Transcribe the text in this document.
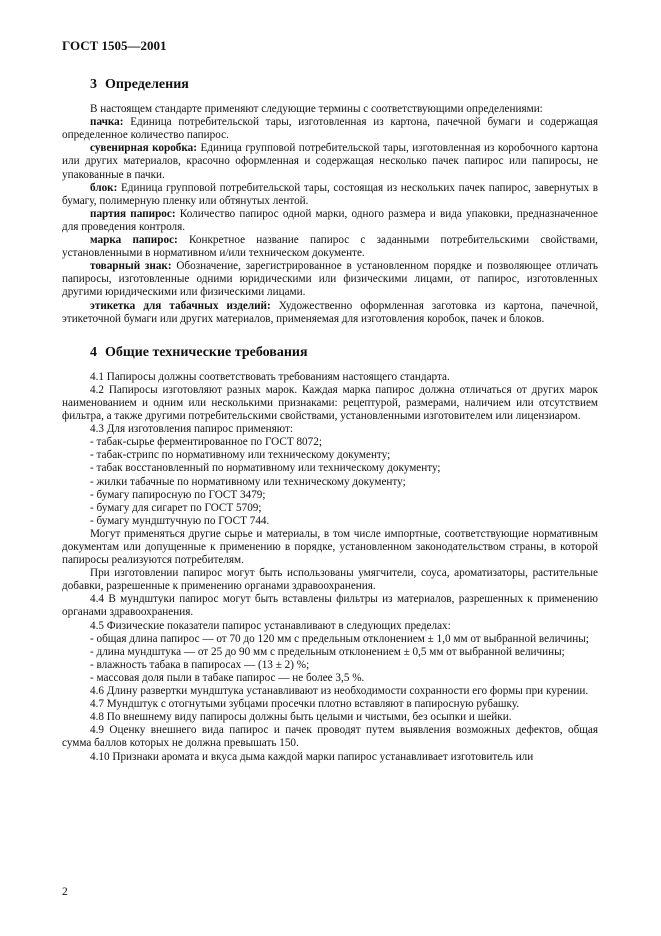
ГОСТ 1505—2001
3 Определения

В настоящем стандарте применяют следующие термины с соответствующими определениями:

пачка: Единица потребительской тары, изготовленная из картона, пачечной бумаги и содержащая определенное количество папирос.

сувенирная коробка: Единица групповой потребительской тары, изготовленная из коробочного картона или других материалов, красочно оформленная и содержащая несколько пачек папирос или папиросы, не упакованные в пачки.

блок: Единица групповой потребительской тары, состоящая из нескольких пачек папирос, завернутых в бумагу, полимерную пленку или обтянутых лентой.

партия папирос: Количество папирос одной марки, одного размера и вида упаковки, предназначенное для проведения контроля.

марка папирос: Конкретное название папирос с заданными потребительскими свойствами, установленными в нормативном и/или техническом документе.

товарный знак: Обозначение, зарегистрированное в установленном порядке и позволяющее отличать папиросы, изготовленные одними юридическими или физическими лицами, от папирос, изготовленных другими юридическими или физическими лицами.

этикетка для табачных изделий: Художественно оформленная заготовка из картона, пачечной, этикеточной бумаги или других материалов, применяемая для изготовления коробок, пачек и блоков.

4 Общие технические требования

4.1 Папиросы должны соответствовать требованиям настоящего стандарта.

4.2 Папиросы изготовляют разных марок. Каждая марка папирос должна отличаться от других марок наименованием и одним или несколькими признаками: рецептурой, размерами, наличием или отсутствием фильтра, а также другими потребительскими свойствами, установленными изготовителем или лицензиаром.

4.3 Для изготовления папирос применяют:

- табак-сырье ферментированное по ГОСТ 8072;

- табак-стрипс по нормативному или техническому документу;

- табак восстановленный по нормативному или техническому документу;

- жилки табачные по нормативному или техническому документу;

- бумагу папиросную по ГОСТ 3479;

- бумагу для сигарет по ГОСТ 5709;

- бумагу мундштучную по ГОСТ 744.

Могут применяться другие сырье и материалы, в том числе импортные, соответствующие нормативным документам или допущенные к применению в порядке, установленном законодательством страны, в которой папиросы реализуются потребителям.

При изготовлении папирос могут быть использованы умягчители, соуса, ароматизаторы, растительные добавки, разрешенные к применению органами здравоохранения.

4.4 В мундштуки папирос могут быть вставлены фильтры из материалов, разрешенных к применению органами здравоохранения.

4.5 Физические показатели папирос устанавливают в следующих пределах:

- общая длина папирос — от 70 до 120 мм с предельным отклонением ± 1,0 мм от выбранной величины;

- длина мундштука — от 25 до 90 мм с предельным отклонением ± 0,5 мм от выбранной величины;

- влажность табака в папиросах — (13 ± 2) %;

- массовая доля пыли в табаке папирос — не более 3,5 %.

4.6 Длину развертки мундштука устанавливают из необходимости сохранности его формы при курении.

4.7 Мундштук с отогнутыми зубцами просечки плотно вставляют в папиросную рубашку.

4.8 По внешнему виду папиросы должны быть целыми и чистыми, без осыпки и шейки.

4.9 Оценку внешнего вида папирос и пачек проводят путем выявления возможных дефектов, общая сумма баллов которых не должна превышать 150.

4.10 Признаки аромата и вкуса дыма каждой марки папирос устанавливает изготовитель или

2
